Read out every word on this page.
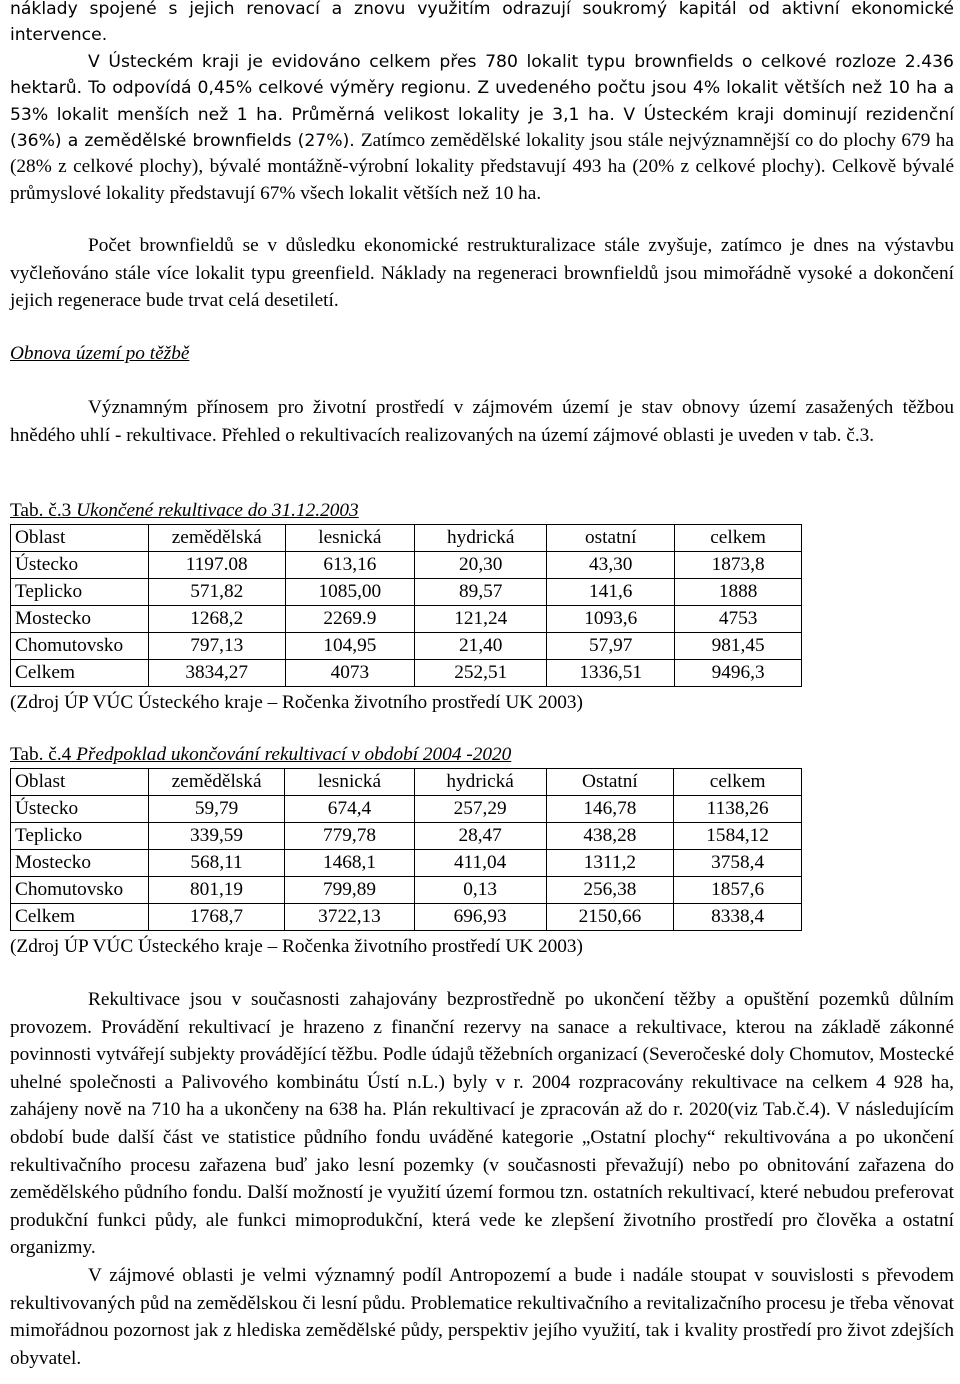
náklady spojené s jejich renovací a znovu využitím odrazují soukromý kapitál od aktivní ekonomické intervence.

V Ústeckém kraji je evidováno celkem přes 780 lokalit typu brownfields o celkové rozloze 2.436 hektarů. To odpovídá 0,45% celkové výměry regionu. Z uvedeného počtu jsou 4% lokalit větších než 10 ha a 53% lokalit menších než 1 ha. Průměrná velikost lokality je 3,1 ha. V Ústeckém kraji dominují rezidenční (36%) a zemědělské brownfields (27%). Zatímco zemědělské lokality jsou stále nejvýznamnější co do plochy 679 ha (28% z celkové plochy), bývalé montážně-výrobní lokality představují 493 ha (20% z celkové plochy). Celkově bývalé průmyslové lokality představují 67% všech lokalit větších než 10 ha.

Počet brownfieldů se v důsledku ekonomické restrukturalizace stále zvyšuje, zatímco je dnes na výstavbu vyčleňováno stále více lokalit typu greenfield. Náklady na regeneraci brownfieldů jsou mimořádně vysoké a dokončení jejich regenerace bude trvat celá desetiletí.

Obnova území po těžbě

Významným přínosem pro životní prostředí v zájmovém území je stav obnovy území zasažených těžbou hnědého uhlí - rekultivace. Přehled o rekultivacích realizovaných na území zájmové oblasti je uveden v tab. č.3.

Tab. č.3 Ukončené rekultivace do 31.12.2003
Oblast	zemědělská	lesnická	hydrická	ostatní	celkem
Ústecko	1197.08	613,16	20,30	43,30	1873,8
Teplicko	571,82	1085,00	89,57	141,6	1888
Mostecko	1268,2	2269.9	121,24	1093,6	4753
Chomutovsko	797,13	104,95	21,40	57,97	981,45
Celkem	3834,27	4073	252,51	1336,51	9496,3
(Zdroj ÚP VÚC Ústeckého kraje – Ročenka životního prostředí UK 2003)
Tab. č.4 Předpoklad ukončování rekultivací v období 2004 -2020
Oblast	zemědělská	lesnická	hydrická	Ostatní	celkem
Ústecko	59,79	674,4	257,29	146,78	1138,26
Teplicko	339,59	779,78	28,47	438,28	1584,12
Mostecko	568,11	1468,1	411,04	1311,2	3758,4
Chomutovsko	801,19	799,89	0,13	256,38	1857,6
Celkem	1768,7	3722,13	696,93	2150,66	8338,4
(Zdroj ÚP VÚC Ústeckého kraje – Ročenka životního prostředí UK 2003)

Rekultivace jsou v současnosti zahajovány bezprostředně po ukončení těžby a opuštění pozemků důlním provozem. Provádění rekultivací je hrazeno z finanční rezervy na sanace a rekultivace, kterou na základě zákonné povinnosti vytvářejí subjekty provádějící těžbu. Podle údajů těžebních organizací (Severočeské doly Chomutov, Mostecké uhelné společnosti a Palivového kombinátu Ústí n.L.) byly v r. 2004 rozpracovány rekultivace na celkem 4 928 ha, zahájeny nově na 710 ha a ukončeny na 638 ha. Plán rekultivací je zpracován až do r. 2020(viz Tab.č.4). V následujícím období bude další část ve statistice půdního fondu uváděné kategorie „Ostatní plochy“ rekultivována a po ukončení rekultivačního procesu zařazena buď jako lesní pozemky (v současnosti převažují) nebo po obnitování zařazena do zemědělského půdního fondu. Další možností je využití území formou tzn. ostatních rekultivací, které nebudou preferovat produkční funkci půdy, ale funkci mimoprodukční, která vede ke zlepšení životního prostředí pro člověka a ostatní organizmy.

V zájmové oblasti je velmi významný podíl Antropozemí a bude i nadále stoupat v souvislosti s převodem rekultivovaných půd na zemědělskou či lesní půdu. Problematice rekultivačního a revitalizačního procesu je třeba věnovat mimořádnou pozornost jak z hlediska zemědělské půdy, perspektiv jejího využití, tak i kvality prostředí pro život zdejších obyvatel.
